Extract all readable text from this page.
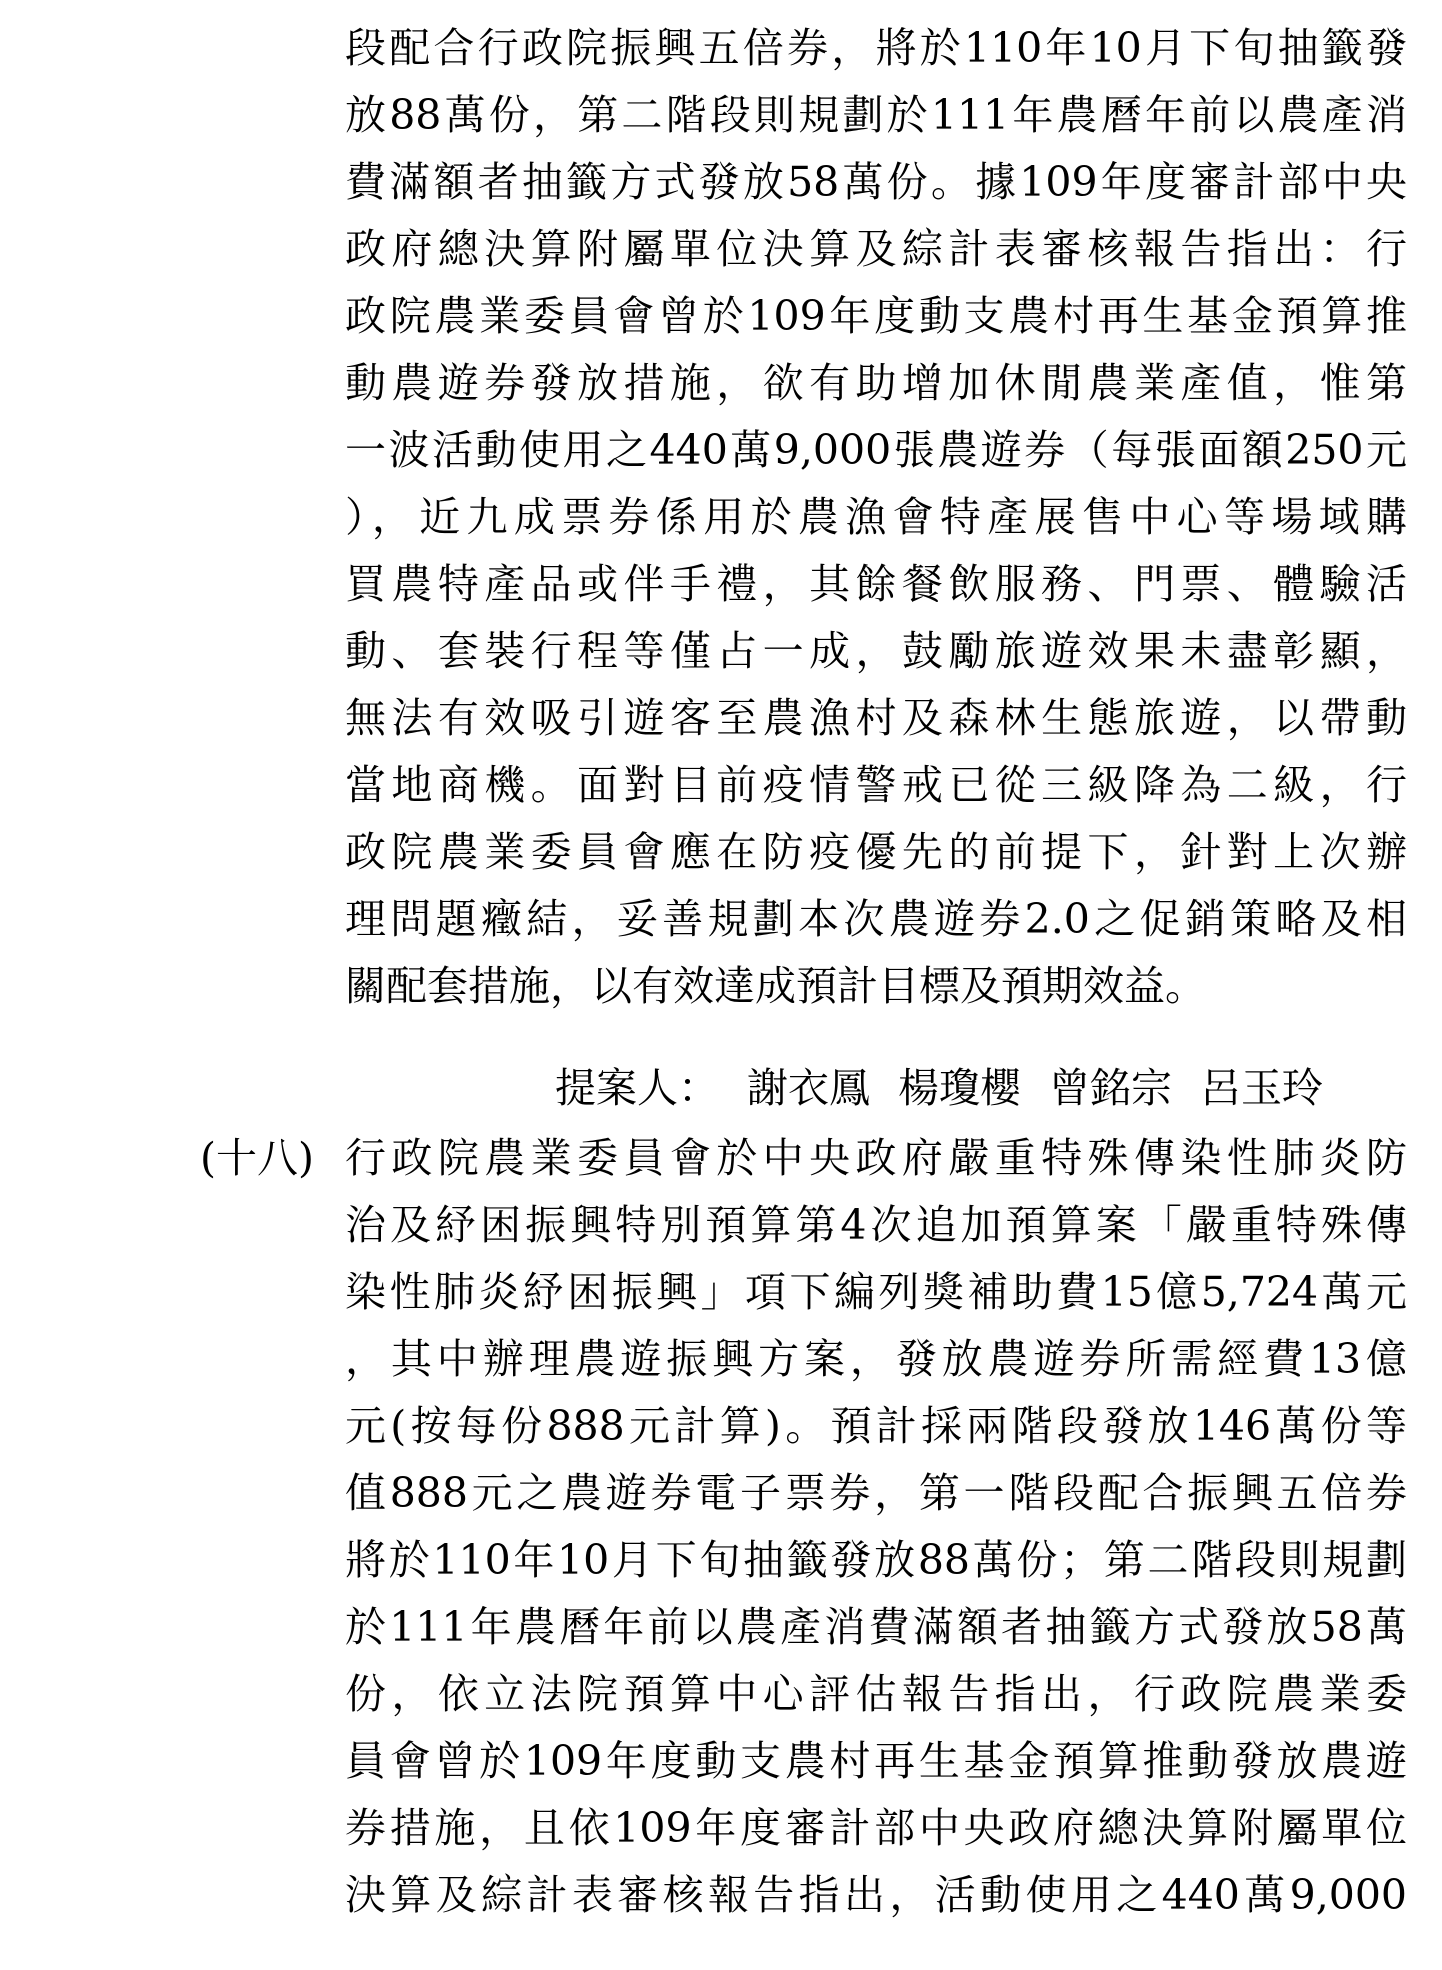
段配合行政院振興五倍券，將於110年10月下旬抽籤發
放88萬份，第二階段則規劃於111年農曆年前以農產消
費滿額者抽籤方式發放58萬份。據109年度審計部中央
政府總決算附屬單位決算及綜計表審核報告指出：行
政院農業委員會曾於109年度動支農村再生基金預算推
動農遊券發放措施，欲有助增加休閒農業產值，惟第
一波活動使用之440萬9,000張農遊券（每張面額250元
），近九成票券係用於農漁會特產展售中心等場域購
買農特產品或伴手禮，其餘餐飲服務、門票、體驗活
動、套裝行程等僅占一成，鼓勵旅遊效果未盡彰顯，
無法有效吸引遊客至農漁村及森林生態旅遊，以帶動
當地商機。面對目前疫情警戒已從三級降為二級，行
政院農業委員會應在防疫優先的前提下，針對上次辦
理問題癥結，妥善規劃本次農遊券2.0之促銷策略及相
關配套措施，以有效達成預計目標及預期效益。
提案人： 謝衣鳳 楊瓊櫻 曾銘宗 呂玉玲
(十八) 行政院農業委員會於中央政府嚴重特殊傳染性肺炎防
治及紓困振興特別預算第4次追加預算案「嚴重特殊傳
染性肺炎紓困振興」項下編列獎補助費15億5,724萬元
，其中辦理農遊振興方案，發放農遊券所需經費13億
元(按每份888元計算)。預計採兩階段發放146萬份等
值888元之農遊券電子票券，第一階段配合振興五倍券
將於110年10月下旬抽籤發放88萬份；第二階段則規劃
於111年農曆年前以農產消費滿額者抽籤方式發放58萬
份，依立法院預算中心評估報告指出，行政院農業委
員會曾於109年度動支農村再生基金預算推動發放農遊
券措施，且依109年度審計部中央政府總決算附屬單位
決算及綜計表審核報告指出，活動使用之440萬9,000
